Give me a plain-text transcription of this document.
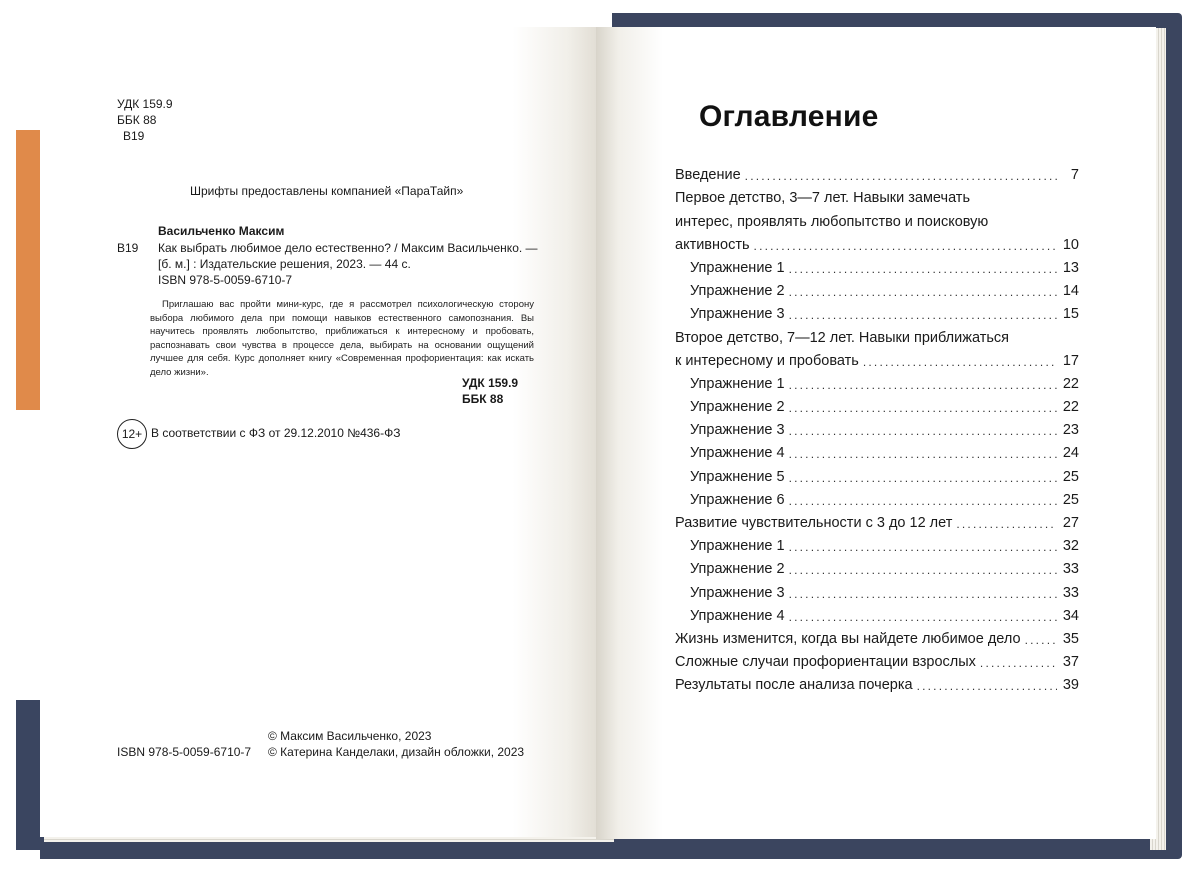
УДК 159.9
ББК 88
В19
Шрифты предоставлены компанией «ПараТайп»
Васильченко Максим
В19 Как выбрать любимое дело естественно? / Максим Васильченко. —
[б. м.] : Издательские решения, 2023. — 44 с.
ISBN 978-5-0059-6710-7
Приглашаю вас пройти мини-курс, где я рассмотрел психологическую сторону выбора любимого дела при помощи навыков естественного самопознания. Вы научитесь проявлять любопытство, приближаться к интересному и пробовать, распознавать свои чувства в процессе дела, выбирать на основании ощущений лучшее для себя. Курс дополняет книгу «Современная профориентация: как искать дело жизни».
УДК 159.9
ББК 88
12+ В соответствии с ФЗ от 29.12.2010 №436-ФЗ
© Максим Васильченко, 2023
ISBN 978-5-0059-6710-7 © Катерина Канделаки, дизайн обложки, 2023
Оглавление
Введение .....	7
Первое детство, 3—7 лет. Навыки замечать
интерес, проявлять любопытство и поисковую
активность .....	10
Упражнение 1 .....	13
Упражнение 2 .....	14
Упражнение 3 .....	15
Второе детство, 7—12 лет. Навыки приближаться
к интересному и пробовать .....	17
Упражнение 1 .....	22
Упражнение 2 .....	22
Упражнение 3 .....	23
Упражнение 4 .....	24
Упражнение 5 .....	25
Упражнение 6 .....	25
Развитие чувствительности с 3 до 12 лет .....	27
Упражнение 1 .....	32
Упражнение 2 .....	33
Упражнение 3 .....	33
Упражнение 4 .....	34
Жизнь изменится, когда вы найдете любимое дело .....	35
Сложные случаи профориентации взрослых .....	37
Результаты после анализа почерка .....	39
